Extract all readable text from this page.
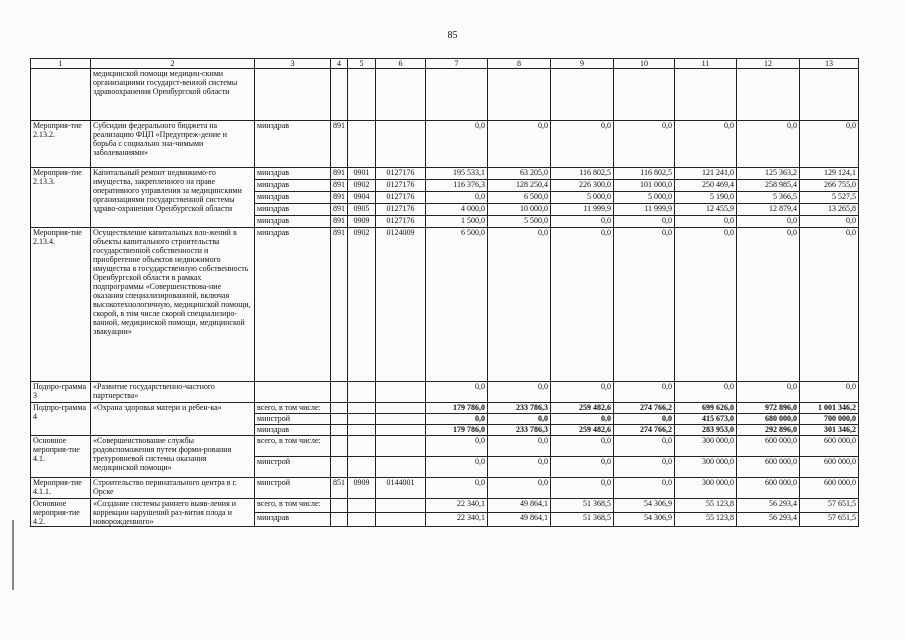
85
1	2	3	4	5	6	7	8	9	10	11	12	13
	медицинской помощи медицин-скими организациями государст-венной системы здравоохранения Оренбургской области											
Мероприя-тие 2.13.2.	Субсидии федерального бюджета на реализацию ФЦП «Предупреж-дение и борьба с социально зна-чимыми заболеваниями»	минздрав	891			0,0	0,0	0,0	0,0	0,0	0,0	0,0
Мероприя-тие 2.13.3.	Капитальный ремонт недвижимо-го имущества, закрепленного на праве оперативного управления за медицинскими организациями государственной системы здраво-охранения Оренбургской области	минздрав	891	0901	0127176	195 533,1	63 205,0	116 802,5	116 802,5	121 241,0	125 363,2	129 124,1
		минздрав	891	0902	0127176	116 376,3	128 250,4	226 300,0	101 000,0	250 469,4	258 985,4	266 755,0
		минздрав	891	0904	0127176	0,0	6 500,0	5 000,0	5 000,0	5 190,0	5 366,5	5 527,5
		минздрав	891	0905	0127176	4 000,0	10 000,0	11 999,9	11 999,9	12 455,9	12 879,4	13 265,8
		минздрав	891	0909	0127176	1 500,0	5 500,0	0,0	0,0	0,0	0,0	0,0
Мероприя-тие 2.13.4.	Осуществление капитальных вло-жений в объекты капитального строительства государственной собственности и приобретение объектов недвижимого имущества в государственную собственность Оренбургской области в рамках подпрограммы «Совершенствова-ние оказания специализированной, включая высокотехнологичную, медицинской помощи, скорой, в том числе скорой специализиро-ванной, медицинской помощи, медицинской эвакуации»	минздрав	891	0902	0124009	6 500,0	0,0	0,0	0,0	0,0	0,0	0,0
Подпро-грамма 3	«Развитие государственно-частного партнерства»					0,0	0,0	0,0	0,0	0,0	0,0	0,0
Подпро-грамма 4	«Охрана здоровья матери и ребен-ка»	всего, в том числе:				179 786,0	233 786,3	259 482,6	274 766,2	699 626,0	972 896,0	1 001 346,2
		минстрой				0,0	0,0	0,0	0,0	415 673,0	680 000,0	700 000,0
		минздрав				179 786,0	233 786,3	259 482,6	274 766,2	283 953,0	292 896,0	301 346,2
Основное мероприя-тие 4.1.	«Совершенствование службы родовспоможения путем форми-рования трехуровневой системы оказания медицинской помощи»	всего, в том числе:				0,0	0,0	0,0	0,0	300 000,0	600 000,0	600 000,0
		минстрой				0,0	0,0	0,0	0,0	300 000,0	600 000,0	600 000,0
Мероприя-тие 4.1.1.	Строительство перинатального центра в г. Орске	минстрой	851	0909	0144001	0,0	0,0	0,0	0,0	300 000,0	600 000,0	600 000,0
Основное мероприя-тие 4.2.	«Создание системы раннего выяв-ления и коррекции нарушений раз-вития плода и новорожденного»	всего, в том числе:				22 340,1	49 864,1	51 368,5	54 306,9	55 123,8	56 293,4	57 651,5
		минздрав				22 340,1	49 864,1	51 368,5	54 306,9	55 123,8	56 293,4	57 651,5
